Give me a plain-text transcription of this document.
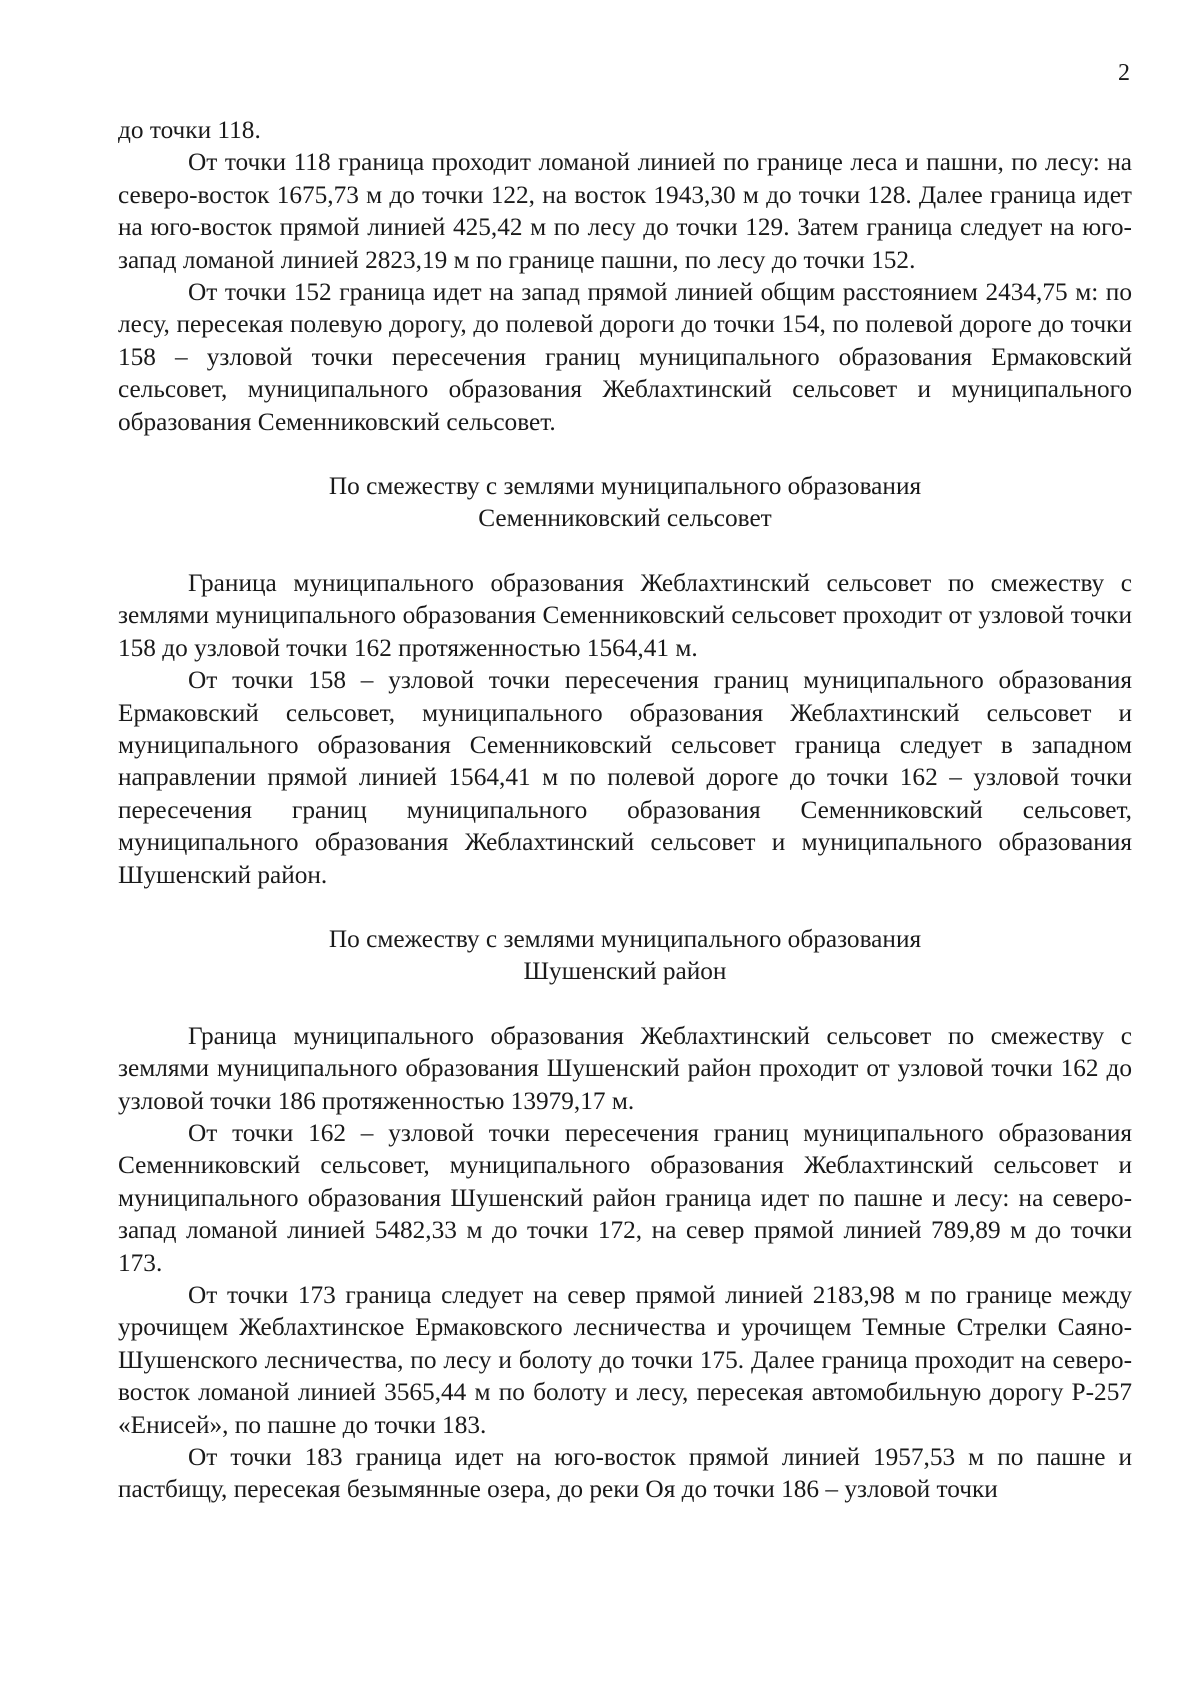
2

до точки 118.

От точки 118 граница проходит ломаной линией по границе леса и пашни, по лесу: на северо-восток 1675,73 м до точки 122, на восток 1943,30 м до точки 128. Далее граница идет на юго-восток прямой линией 425,42 м по лесу до точки 129. Затем граница следует на юго-запад ломаной линией 2823,19 м по границе пашни, по лесу до точки 152.

От точки 152 граница идет на запад прямой линией общим расстоянием 2434,75 м: по лесу, пересекая полевую дорогу, до полевой дороги до точки 154, по полевой дороге до точки 158 – узловой точки пересечения границ муниципального образования Ермаковский сельсовет, муниципального образования Жеблахтинский сельсовет и муниципального образования Семенниковский сельсовет.

По смежеству с землями муниципального образования

Семенниковский сельсовет

Граница муниципального образования Жеблахтинский сельсовет по смежеству с землями муниципального образования Семенниковский сельсовет проходит от узловой точки 158 до узловой точки 162 протяженностью 1564,41 м.

От точки 158 – узловой точки пересечения границ муниципального образования Ермаковский сельсовет, муниципального образования Жеблахтинский сельсовет и муниципального образования Семенниковский сельсовет граница следует в западном направлении прямой линией 1564,41 м по полевой дороге до точки 162 – узловой точки пересечения границ муниципального образования Семенниковский сельсовет, муниципального образования Жеблахтинский сельсовет и муниципального образования Шушенский район.

По смежеству с землями муниципального образования

Шушенский район

Граница муниципального образования Жеблахтинский сельсовет по смежеству с землями муниципального образования Шушенский район проходит от узловой точки 162 до узловой точки 186 протяженностью 13979,17 м.

От точки 162 – узловой точки пересечения границ муниципального образования Семенниковский сельсовет, муниципального образования Жеблахтинский сельсовет и муниципального образования Шушенский район граница идет по пашне и лесу: на северо-запад ломаной линией 5482,33 м до точки 172, на север прямой линией 789,89 м до точки 173.

От точки 173 граница следует на север прямой линией 2183,98 м по границе между урочищем Жеблахтинское Ермаковского лесничества и урочищем Темные Стрелки Саяно-Шушенского лесничества, по лесу и болоту до точки 175. Далее граница проходит на северо-восток ломаной линией 3565,44 м по болоту и лесу, пересекая автомобильную дорогу Р-257 «Енисей», по пашне до точки 183.

От точки 183 граница идет на юго-восток прямой линией 1957,53 м по пашне и пастбищу, пересекая безымянные озера, до реки Оя до точки 186 – узловой точки
